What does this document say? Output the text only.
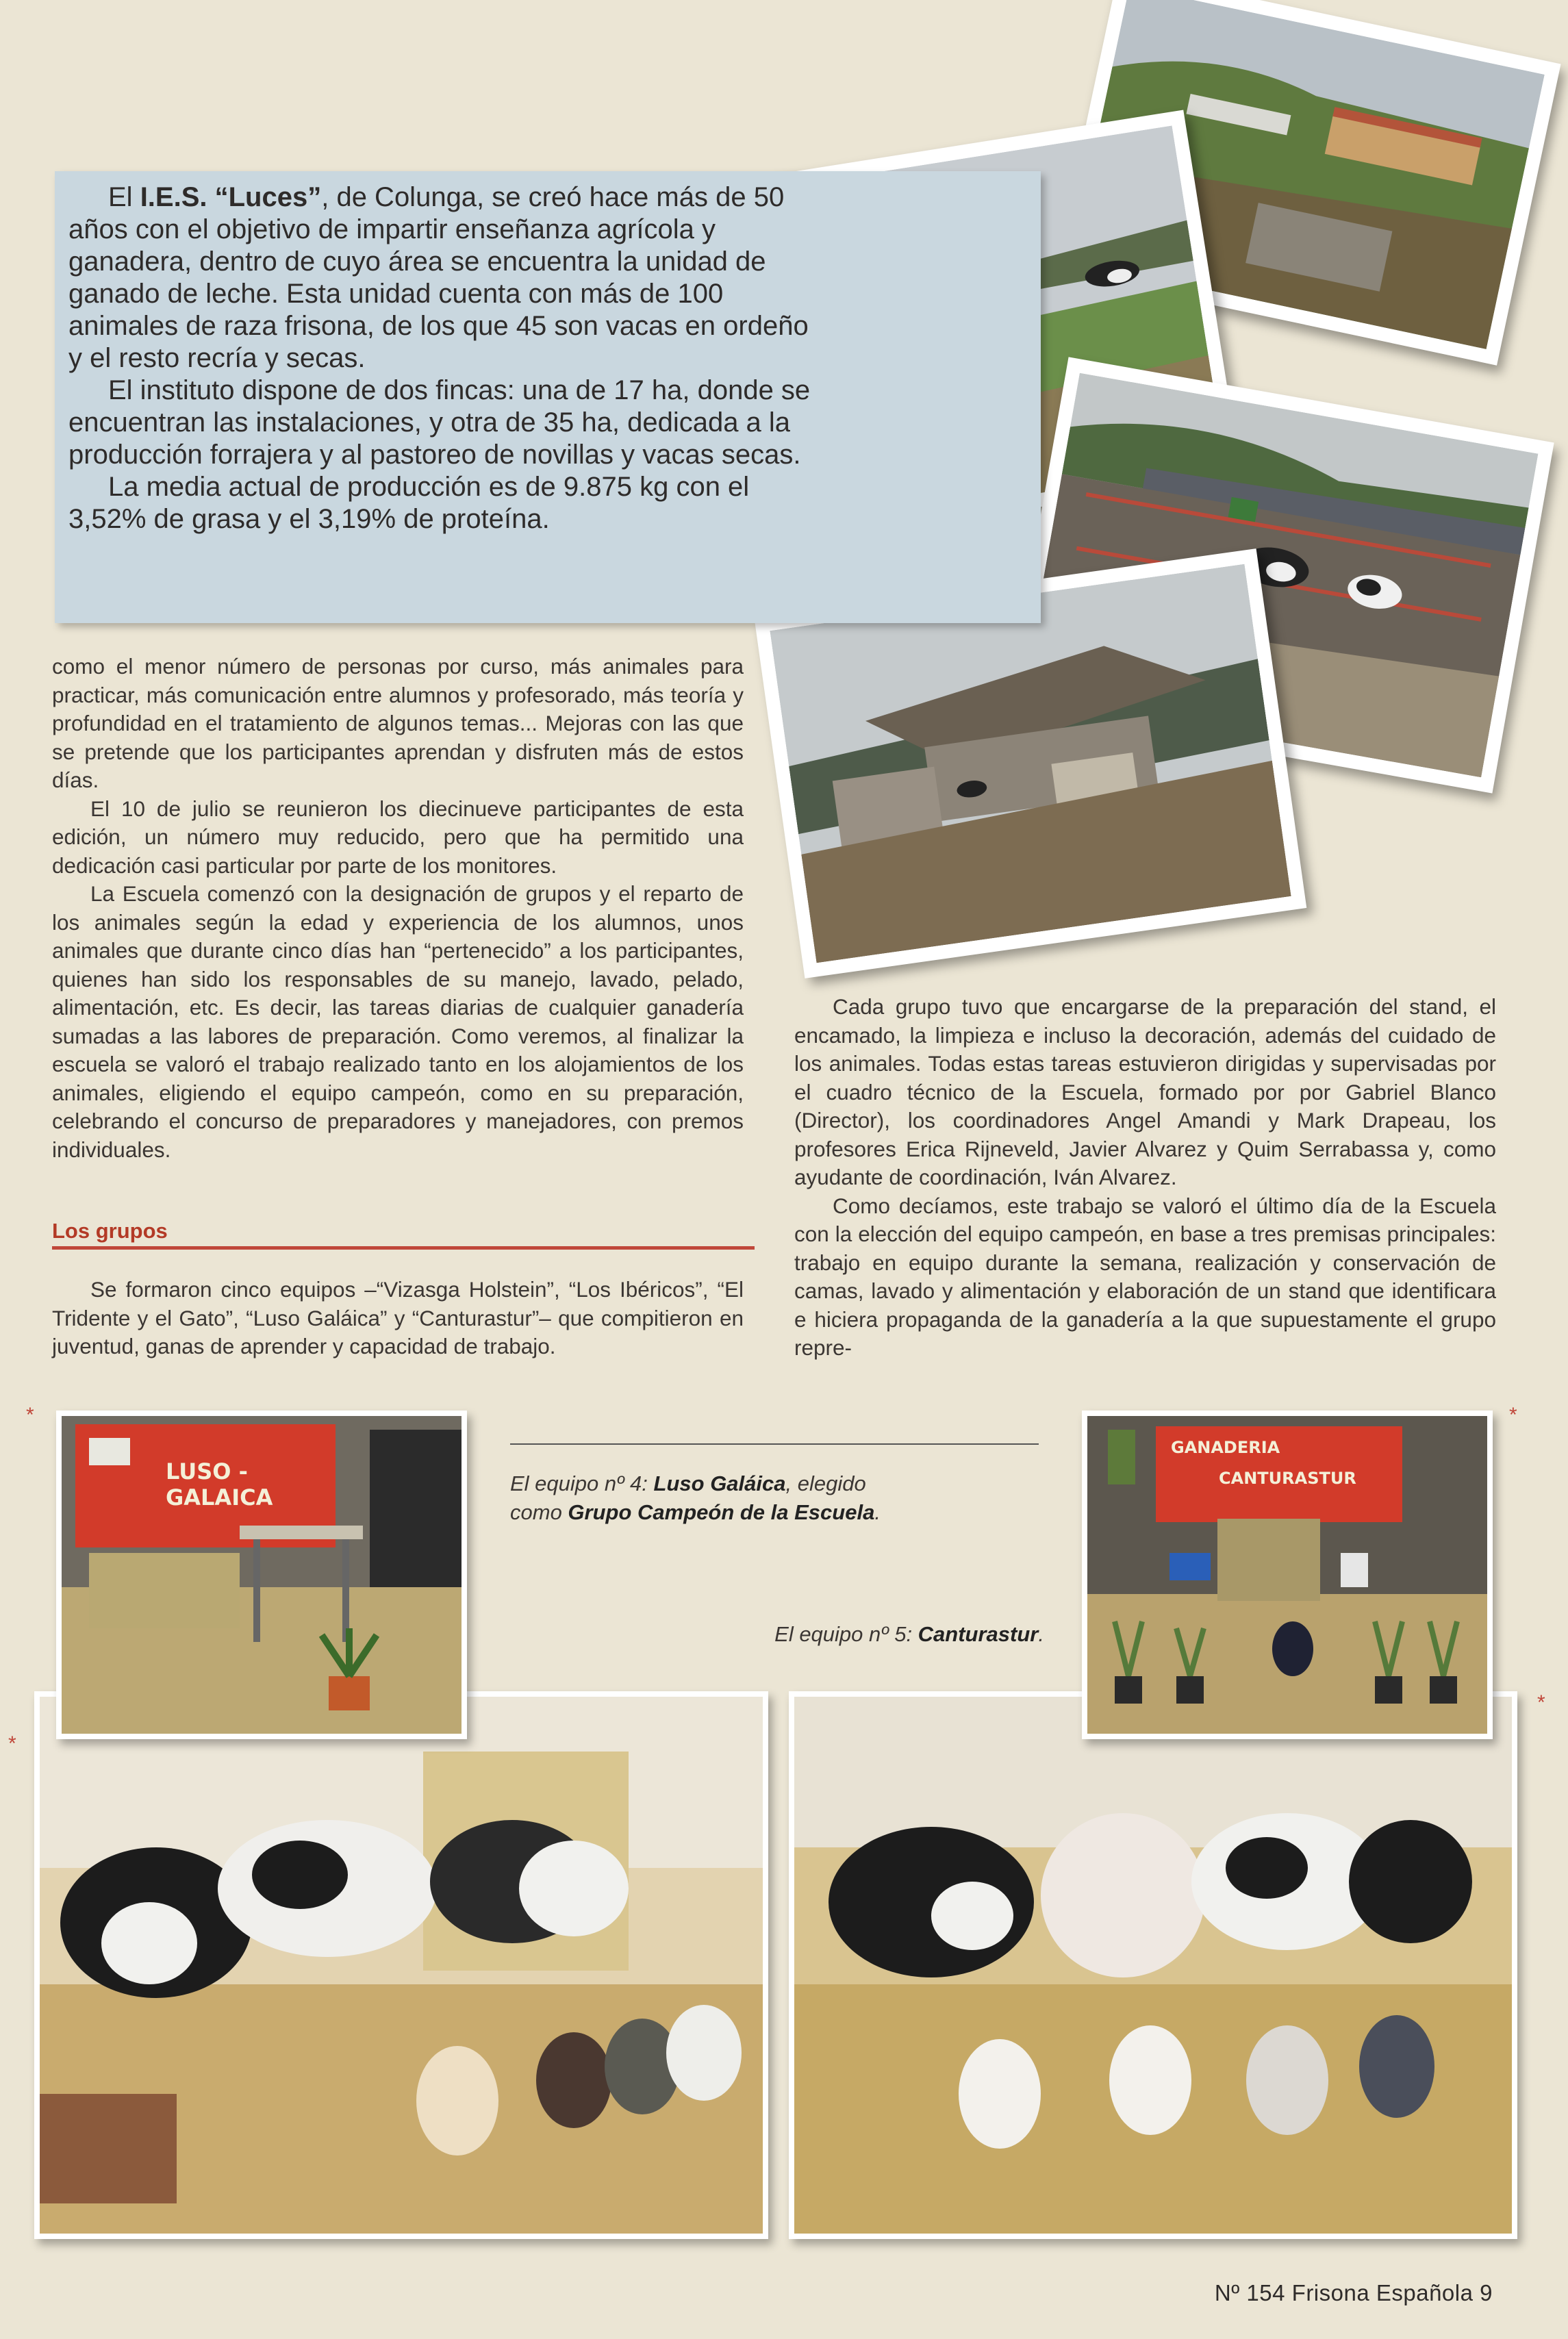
El I.E.S. “Luces”, de Colunga, se creó hace más de 50 años con el objetivo de impartir enseñanza agrícola y ganadera, dentro de cuyo área se encuentra la unidad de ganado de leche. Esta unidad cuenta con más de 100 animales de raza frisona, de los que 45 son vacas en ordeño y el resto recría y secas.

El instituto dispone de dos fincas: una de 17 ha, donde se encuentran las instalaciones, y otra de 35 ha, dedicada a la producción forrajera y al pastoreo de novillas y vacas secas.

La media actual de producción es de 9.875 kg con el 3,52% de grasa y el 3,19% de proteína.

como el menor número de personas por curso, más animales para practicar, más comunicación entre alumnos y profesorado, más teoría y profundidad en el tratamiento de algunos temas... Mejoras con las que se pretende que los participantes aprendan y disfruten más de estos días.

El 10 de julio se reunieron los diecinueve participantes de esta edición, un número muy reducido, pero que ha permitido una dedicación casi particular por parte de los monitores.

La Escuela comenzó con la designación de grupos y el reparto de los animales según la edad y experiencia de los alumnos, unos animales que durante cinco días han “pertenecido” a los participantes, quienes han sido los responsables de su manejo, lavado, pelado, alimentación, etc. Es decir, las tareas diarias de cualquier ganadería sumadas a las labores de preparación. Como veremos, al finalizar la escuela se valoró el trabajo realizado tanto en los alojamientos de los animales, eligiendo el equipo campeón, como en su preparación, celebrando el concurso de preparadores y manejadores, con premos individuales.

Los grupos

Se formaron cinco equipos –“Vizasga Holstein”, “Los Ibéricos”, “El Tridente y el Gato”, “Luso Galáica” y “Canturastur”– que compitieron en juventud, ganas de aprender y capacidad de trabajo.

Cada grupo tuvo que encargarse de la preparación del stand, el encamado, la limpieza e incluso la decoración, además del cuidado de los animales. Todas estas tareas estuvieron dirigidas y supervisadas por el cuadro técnico de la Escuela, formado por por Gabriel Blanco (Director), los coordinadores Angel Amandi y Mark Drapeau, los profesores Erica Rijneveld, Javier Alvarez y Quim Serrabassa y, como ayudante de coordinación, Iván Alvarez.

Como decíamos, este trabajo se valoró el último día de la Escuela con la elección del equipo campeón, en base a tres premisas principales: trabajo en equipo durante la semana, realización y conservación de camas, lavado y alimentación y elaboración de un stand que identificara e hiciera propaganda de la ganadería a la que supuestamente el grupo repre-

El equipo nº 4: Luso Galáica, elegido como Grupo Campeón de la Escuela.
El equipo nº 5: Canturastur.
*	*
*
*
LUSO - GALAICA
GANADERIA
CANTURASTUR
Nº 154 Frisona Española 9
